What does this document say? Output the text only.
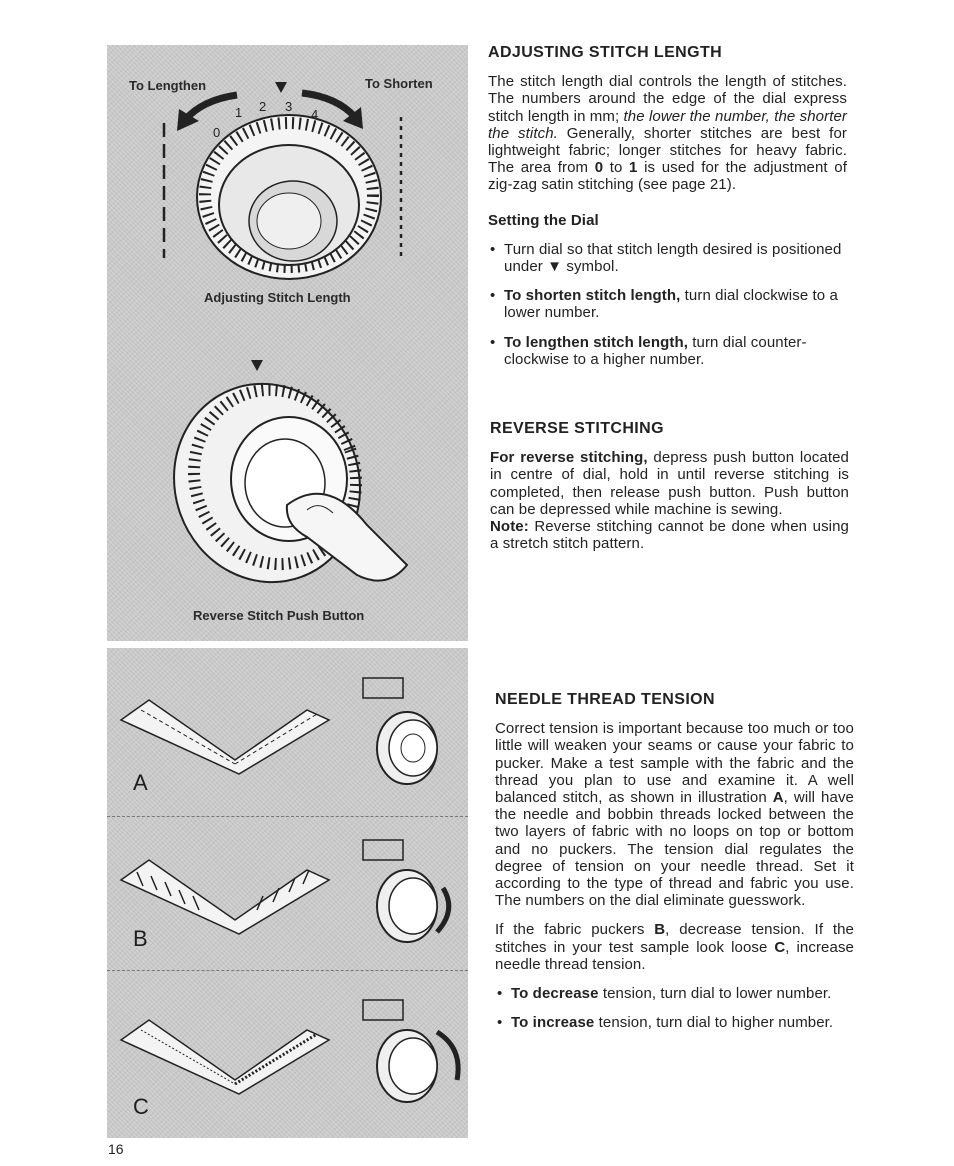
0
1 2 3
4
To Lengthen	To Shorten
Adjusting Stitch Length
Reverse Stitch Push Button
A
B
C
ADJUSTING STITCH LENGTH

The stitch length dial controls the length of stitches. The numbers around the edge of the dial express stitch length in mm; the lower the number, the shorter the stitch. Generally, shorter stitches are best for lightweight fabric; longer stitches for heavy fabric. The area from 0 to 1 is used for the adjustment of zig-zag satin stitching (see page 21).

Setting the Dial
• Turn dial so that stitch length desired is positioned under ▼ symbol.
• To shorten stitch length, turn dial clockwise to a lower number.
• To lengthen stitch length, turn dial counter-clockwise to a higher number.
REVERSE STITCHING

For reverse stitching, depress push button located in centre of dial, hold in until reverse stitching is completed, then release push button. Push button can be depressed while machine is sewing.

Note: Reverse stitching cannot be done when using a stretch stitch pattern.

NEEDLE THREAD TENSION

Correct tension is important because too much or too little will weaken your seams or cause your fabric to pucker. Make a test sample with the fabric and the thread you plan to use and examine it. A well balanced stitch, as shown in illustration A, will have the needle and bobbin threads locked between the two layers of fabric with no loops on top or bottom and no puckers. The tension dial regulates the degree of tension on your needle thread. Set it according to the type of thread and fabric you use. The numbers on the dial eliminate guesswork.

If the fabric puckers B, decrease tension. If the stitches in your test sample look loose C, increase needle thread tension.

• To decrease tension, turn dial to lower number.
• To increase tension, turn dial to higher number.
16
